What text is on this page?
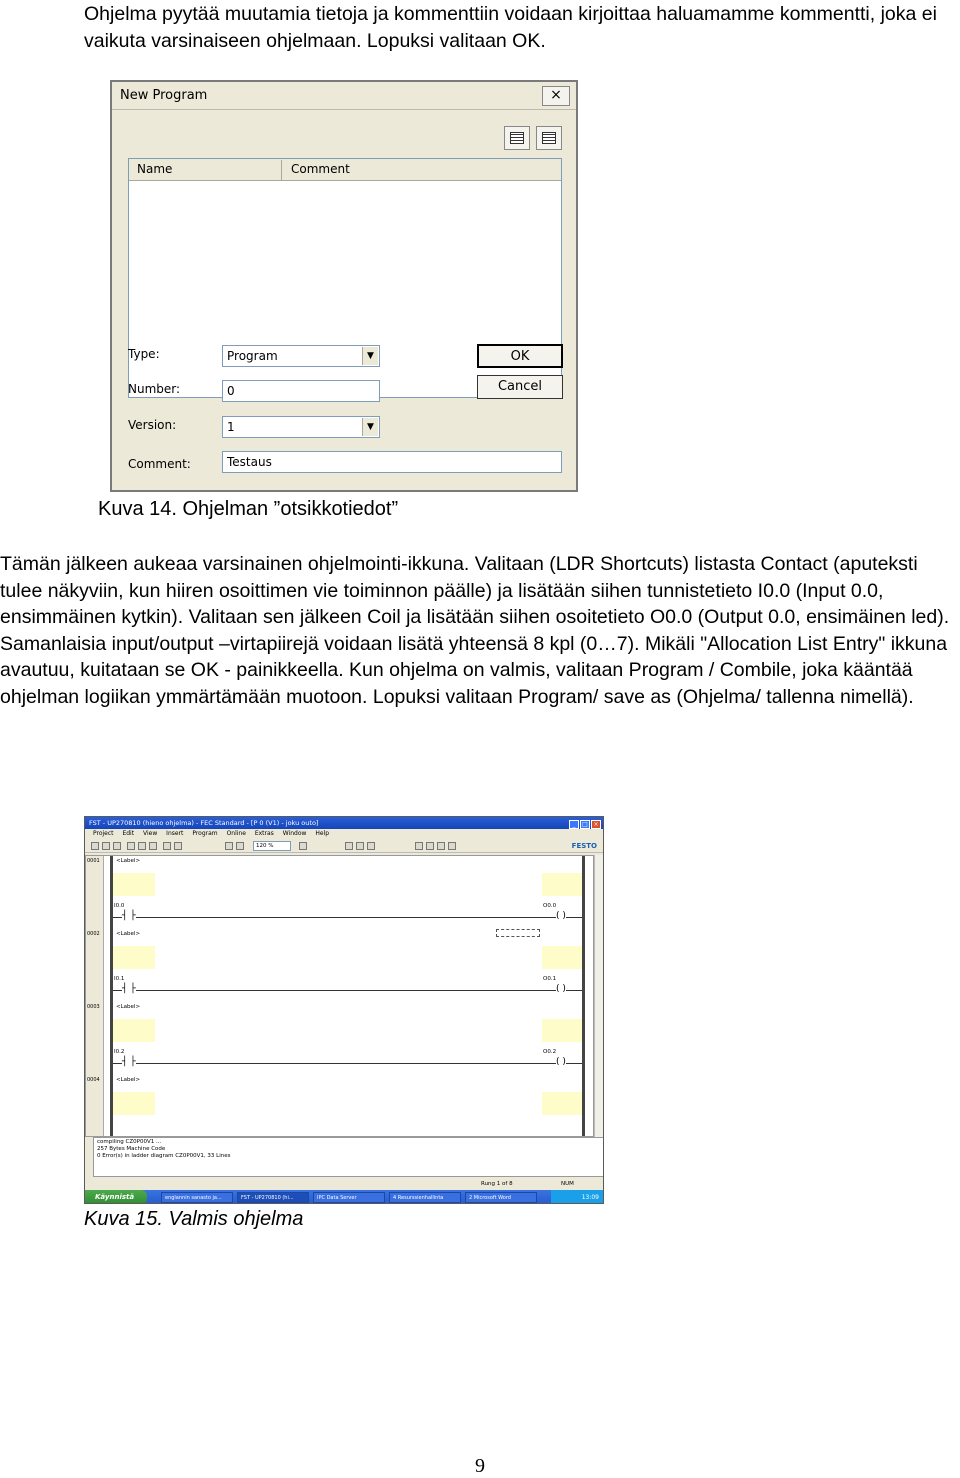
Ohjelma pyytää muutamia tietoja ja kommenttiin voidaan kirjoittaa haluamamme kommentti, joka ei vaikuta varsinaiseen ohjelmaan. Lopuksi valitaan OK.

New Program	×
Name	Comment
Type:	Program	▼
Number:	0
Version:	1	▼
Comment:	Testaus
OK
Cancel
Kuva 14. Ohjelman ”otsikkotiedot”

Tämän jälkeen aukeaa varsinainen ohjelmointi-ikkuna. Valitaan (LDR Shortcuts) listasta Contact (aputeksti tulee näkyviin, kun hiiren osoittimen vie toiminnon päälle) ja lisätään siihen tunnistetieto I0.0 (Input 0.0, ensimmäinen kytkin). Valitaan sen jälkeen Coil ja lisätään siihen osoitetieto O0.0 (Output 0.0, ensimäinen led). Samanlaisia input/output –virtapiirejä voidaan lisätä yhteensä 8 kpl (0…7). Mikäli "Allocation List Entry" ikkuna avautuu, kuitataan se OK - painikkeella. Kun ohjelma on valmis, valitaan Program / Combile, joka kääntää ohjelman logiikan ymmärtämään muotoon. Lopuksi valitaan Program/ save as (Ohjelma/ tallenna nimellä).

FST - UP270810 (hieno ohjelma) - FEC Standard - [P 0 (V1) - joku outo]	_ □ ×
Project Edit View Insert Program Online Extras Window Help
120 %	FESTO
0001
0002
0003
0004
<Label>
I0.0	O0.0
┤ ├	( )
<Label>
I0.1	O0.1
┤ ├	( )
<Label>
I0.2	O0.2
┤ ├	( )
<Label>
compiling CZ0P00V1 ...
257 Bytes Machine Code
0 Error(s) in ladder diagram CZ0P00V1, 33 Lines
Rung 1 of 8	NUM
Käynnistä	englannin sanasto ja...	FST - UP270810 (hi...	IPC Data Server	4 Resurssienhallinta	2 Microsoft Word	13:09
Kuva 15. Valmis ohjelma
9
